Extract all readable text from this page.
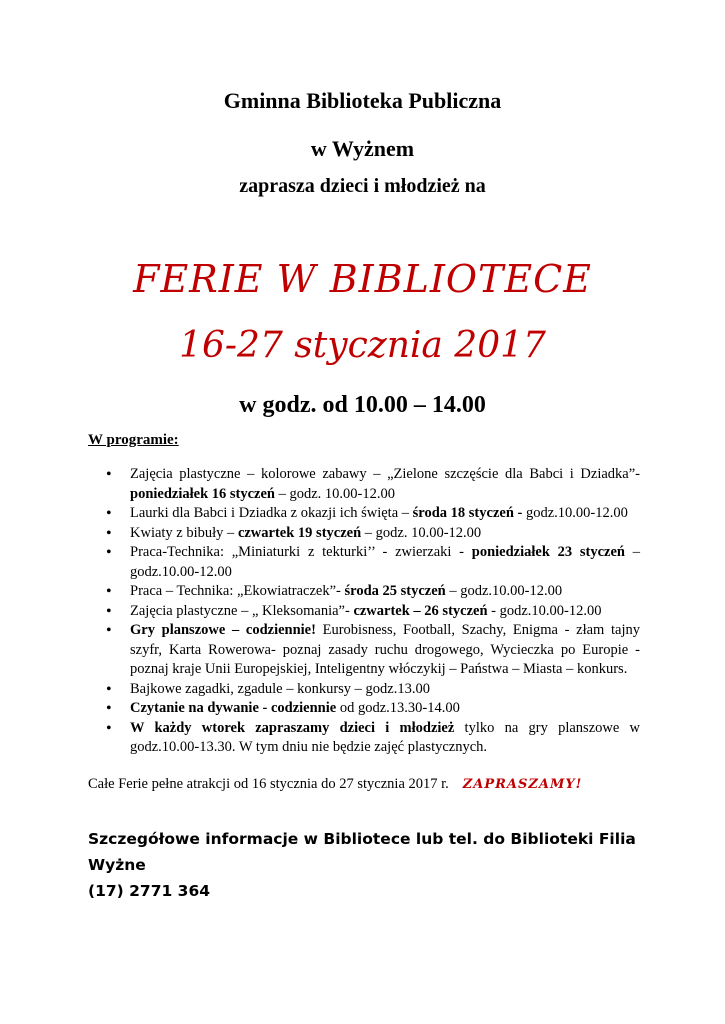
Gminna Biblioteka Publiczna
w Wyżnem
zaprasza dzieci i młodzież na
FERIE W BIBLIOTECE
16-27 stycznia 2017
w godz. od 10.00 – 14.00
W programie:
• Zajęcia plastyczne – kolorowe zabawy – „Zielone szczęście dla Babci i Dziadka”- poniedziałek 16 styczeń – godz. 10.00-12.00
• Laurki dla Babci i Dziadka z okazji ich święta – środa 18 styczeń - godz.10.00-12.00
• Kwiaty z bibuły – czwartek 19 styczeń – godz. 10.00-12.00
• Praca-Technika: „Miniaturki z tekturki’’ - zwierzaki - poniedziałek 23 styczeń – godz.10.00-12.00
• Praca – Technika: „Ekowiatraczek”- środa 25 styczeń – godz.10.00-12.00
• Zajęcia plastyczne – „ Kleksomania”- czwartek – 26 styczeń - godz.10.00-12.00
• Gry planszowe – codziennie! Eurobisness, Football, Szachy, Enigma - złam tajny szyfr, Karta Rowerowa- poznaj zasady ruchu drogowego, Wycieczka po Europie - poznaj kraje Unii Europejskiej, Inteligentny włóczykij – Państwa – Miasta – konkurs.
• Bajkowe zagadki, zgadule – konkursy – godz.13.00
• Czytanie na dywanie - codziennie od godz.13.30-14.00
• W każdy wtorek zapraszamy dzieci i młodzież tylko na gry planszowe w godz.10.00-13.30. W tym dniu nie będzie zajęć plastycznych.
Całe Ferie pełne atrakcji od 16 stycznia do 27 stycznia 2017 r. ZAPRASZAMY!
Szczegółowe informacje w Bibliotece lub tel. do Biblioteki Filia Wyżne
(17) 2771 364
